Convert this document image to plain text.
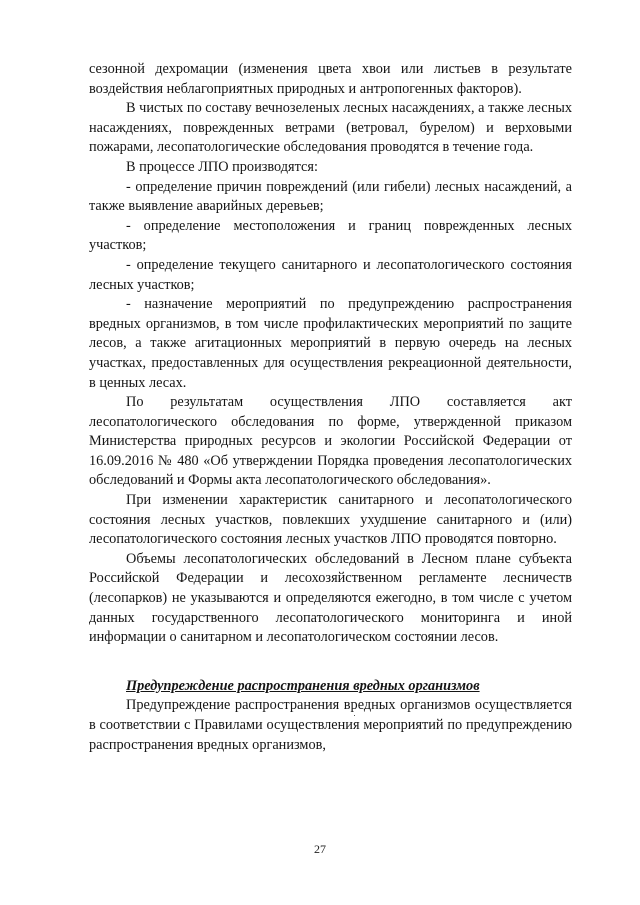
сезонной дехромации (изменения цвета хвои или листьев в результате воздействия неблагоприятных природных и антропогенных факторов).

В чистых по составу вечнозеленых лесных насаждениях, а также лесных насаждениях, поврежденных ветрами (ветровал, бурелом) и верховыми пожарами, лесопатологические обследования проводятся в течение года.

В процессе ЛПО производятся:

- определение причин повреждений (или гибели) лесных насаждений, а также выявление аварийных деревьев;

- определение местоположения и границ поврежденных лесных участков;

- определение текущего санитарного и лесопатологического состояния лесных участков;

- назначение мероприятий по предупреждению распространения вредных организмов, в том числе профилактических мероприятий по защите лесов, а также агитационных мероприятий в первую очередь на лесных участках, предоставленных для осуществления рекреационной деятельности, в ценных лесах.

По результатам осуществления ЛПО составляется акт лесопатологического обследования по форме, утвержденной приказом Министерства природных ресурсов и экологии Российской Федерации от 16.09.2016 № 480 «Об утверждении Порядка проведения лесопатологических обследований и Формы акта лесопатологического обследования».

При изменении характеристик санитарного и лесопатологического состояния лесных участков, повлекших ухудшение санитарного и (или) лесопатологического состояния лесных участков ЛПО проводятся повторно.

Объемы лесопатологических обследований в Лесном плане субъекта Российской Федерации и лесохозяйственном регламенте лесничеств (лесопарков) не указываются и определяются ежегодно, в том числе с учетом данных государственного лесопатологического мониторинга и иной информации о санитарном и лесопатологическом состоянии лесов.

Предупреждение распространения вредных организмов

Предупреждение распространения вредных организмов осуществляется в соответствии с Правилами осуществления мероприятий по предупреждению распространения вредных организмов,

27
